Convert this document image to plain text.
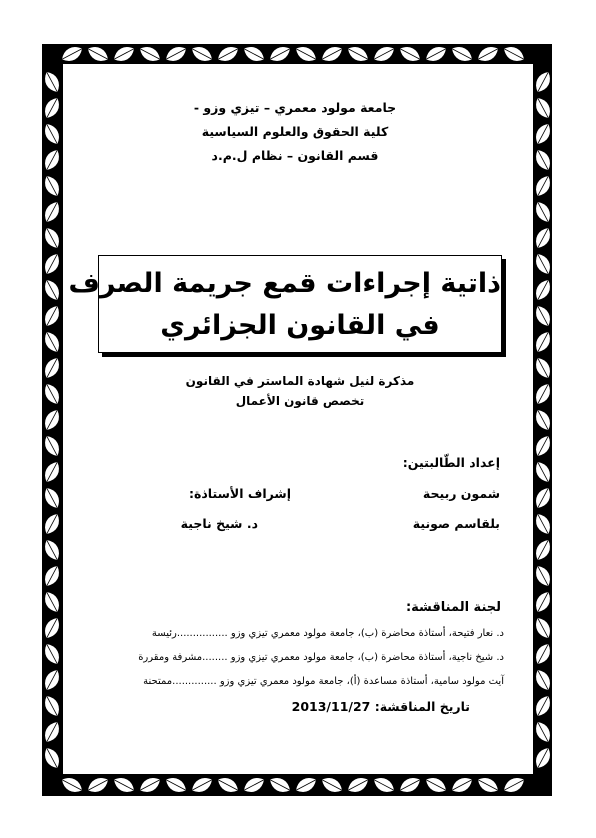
جامعة مولود معمري – تيزي وزو -
كلية الحقوق والعلوم السياسية
قسم القانون – نظام ل.م.د
ذاتية إجراءات قمع جريمة الصرف
في القانون الجزائري
مذكرة لنيل شهادة الماستر في القانون
تخصص قانون الأعمال
إعداد الطّالبتين:
شمون ربيحة
بلقاسم صونية
إشراف الأستاذة:
د. شيخ ناجية
لجنة المناقشة:
د. نعار فتيحة، أستاذة محاضرة (ب)، جامعة مولود معمري تيزي وزو ................رئيسة
د. شيخ ناجية، أستاذة محاضرة (ب)، جامعة مولود معمري تيزي وزو ........مشرفة ومقررة
آيت مولود سامية، أستاذة مساعدة (أ)، جامعة مولود معمري تيزي وزو ..............ممتحنة
تاريخ المناقشة: 2013/11/27
